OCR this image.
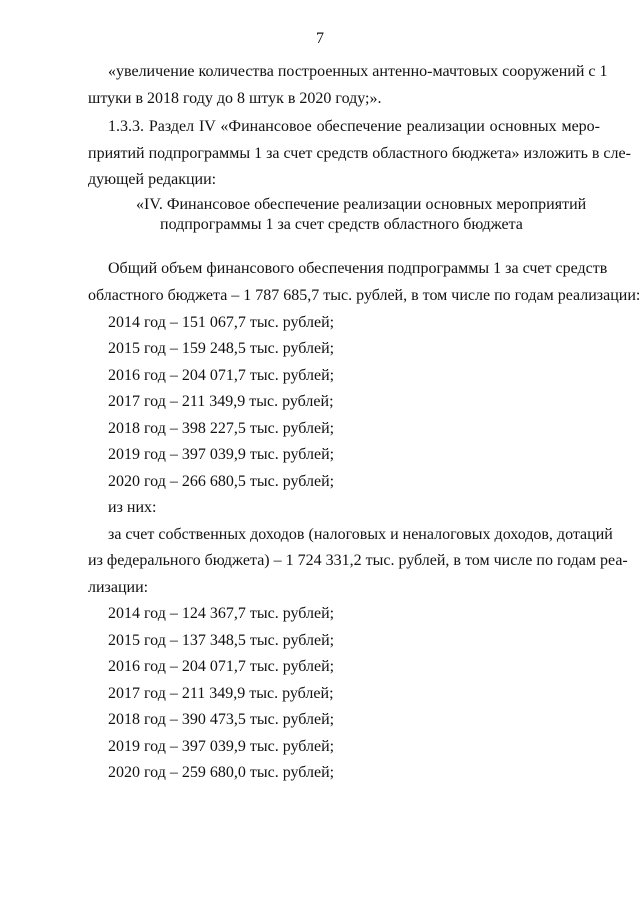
7
«увеличение количества построенных антенно-мачтовых сооружений с 1
штуки в 2018 году до 8 штук в 2020 году;».
1.3.3. Раздел IV «Финансовое обеспечение реализации основных меро-
приятий подпрограммы 1 за счет средств областного бюджета» изложить в сле-
дующей редакции:
«IV. Финансовое обеспечение реализации основных мероприятий
подпрограммы 1 за счет средств областного бюджета
Общий объем финансового обеспечения подпрограммы 1 за счет средств
областного бюджета – 1 787 685,7 тыс. рублей, в том числе по годам реализации:
2014 год – 151 067,7 тыс. рублей;
2015 год – 159 248,5 тыс. рублей;
2016 год – 204 071,7 тыс. рублей;
2017 год – 211 349,9 тыс. рублей;
2018 год – 398 227,5 тыс. рублей;
2019 год – 397 039,9 тыс. рублей;
2020 год – 266 680,5 тыс. рублей;
из них:
за счет собственных доходов (налоговых и неналоговых доходов, дотаций
из федерального бюджета) – 1 724 331,2 тыс. рублей, в том числе по годам реа-
лизации:
2014 год – 124 367,7 тыс. рублей;
2015 год – 137 348,5 тыс. рублей;
2016 год – 204 071,7 тыс. рублей;
2017 год – 211 349,9 тыс. рублей;
2018 год – 390 473,5 тыс. рублей;
2019 год – 397 039,9 тыс. рублей;
2020 год – 259 680,0 тыс. рублей;
